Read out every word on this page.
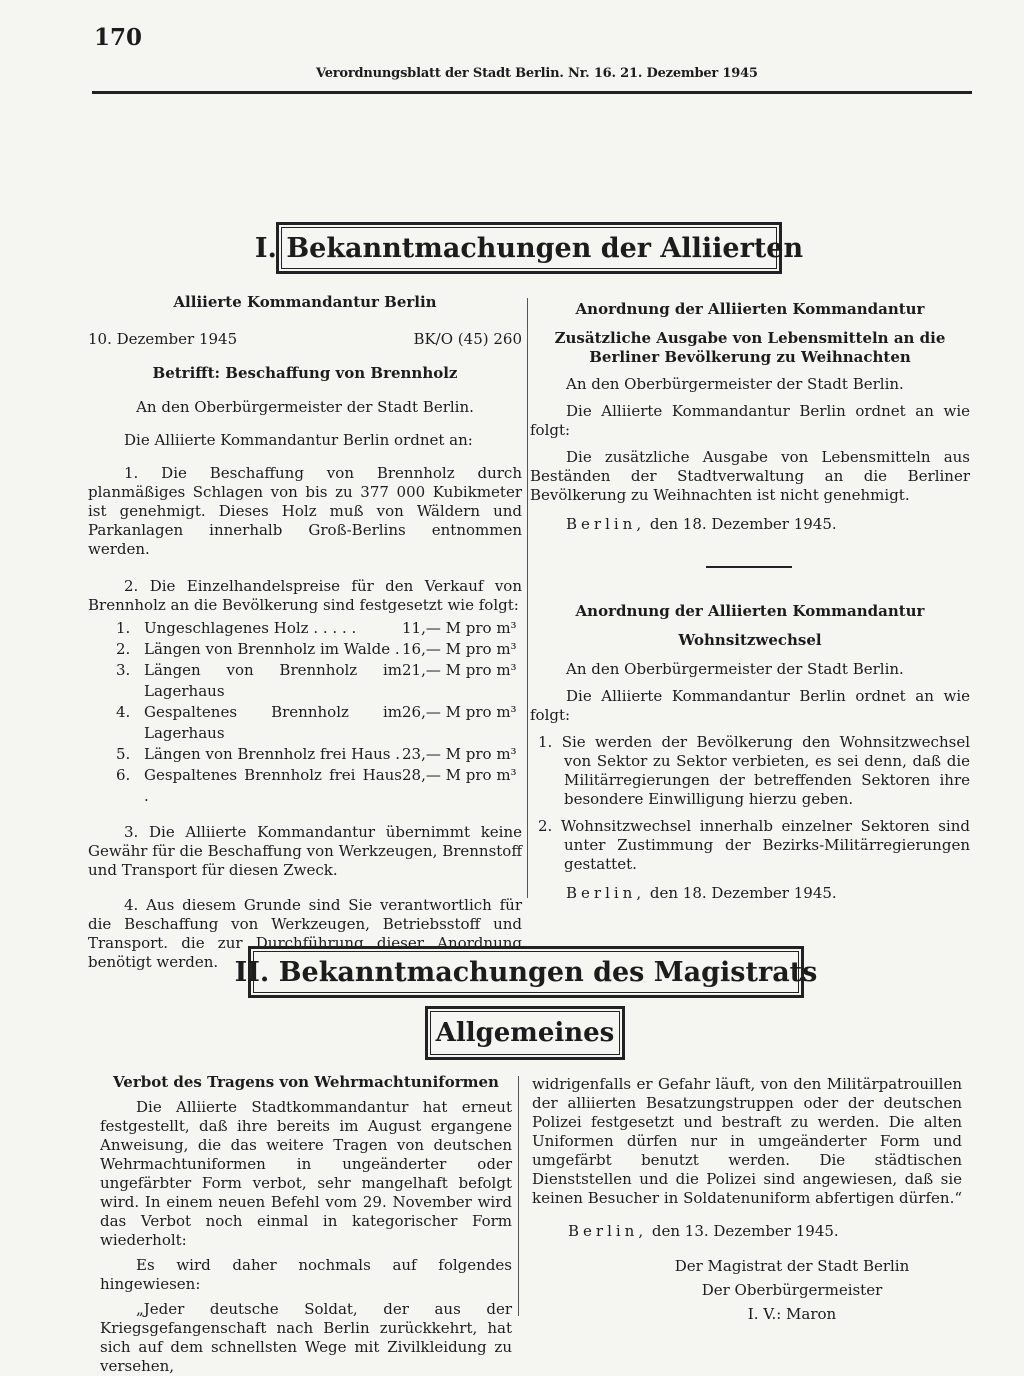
170
Verordnungsblatt der Stadt Berlin. Nr. 16. 21. Dezember 1945
I. Bekanntmachungen der Alliierten

Alliierte Kommandantur Berlin

10. Dezember 1945	BK/O (45) 260

Betrifft: Beschaffung von Brennholz

An den Oberbürgermeister der Stadt Berlin.

Die Alliierte Kommandantur Berlin ordnet an:

1. Die Beschaffung von Brennholz durch planmäßiges Schlagen von bis zu 377 000 Kubikmeter ist genehmigt. Dieses Holz muß von Wäldern und Parkanlagen innerhalb Groß-Berlins entnommen werden.

2. Die Einzelhandelspreise für den Verkauf von Brennholz an die Bevölkerung sind festgesetzt wie folgt:

1. Ungeschlagenes Holz . . . . .	11,— M pro m³
2. Längen von Brennholz im Walde . 16,— M pro m³
3. Längen von Brennholz im Lagerhaus
21,— M pro m³
4. Gespaltenes Brennholz im Lagerhaus
26,— M pro m³
5. Längen von Brennholz frei Haus . 23,— M pro m³
6. Gespaltenes Brennholz frei Haus .
28,— M pro m³

3. Die Alliierte Kommandantur übernimmt keine Gewähr für die Beschaffung von Werkzeugen, Brennstoff und Transport für diesen Zweck.

4. Aus diesem Grunde sind Sie verantwortlich für die Beschaffung von Werkzeugen, Betriebsstoff und Transport. die zur Durchführung dieser Anordnung benötigt werden.

Anordnung der Alliierten Kommandantur

Zusätzliche Ausgabe von Lebensmitteln an die Berliner Bevölkerung zu Weihnachten

An den Oberbürgermeister der Stadt Berlin.

Die Alliierte Kommandantur Berlin ordnet an wie folgt:

Die zusätzliche Ausgabe von Lebensmitteln aus Beständen der Stadtverwaltung an die Berliner Bevölkerung zu Weihnachten ist nicht genehmigt.

Berlin, den 18. Dezember 1945.

Anordnung der Alliierten Kommandantur

Wohnsitzwechsel

An den Oberbürgermeister der Stadt Berlin.

Die Alliierte Kommandantur Berlin ordnet an wie folgt:

1. Sie werden der Bevölkerung den Wohnsitzwechsel von Sektor zu Sektor verbieten, es sei denn, daß die Militärregierungen der betreffenden Sektoren ihre besondere Einwilligung hierzu geben.

2. Wohnsitzwechsel innerhalb einzelner Sektoren sind unter Zustimmung der Bezirks-Militärregierungen gestattet.

Berlin, den 18. Dezember 1945.

II. Bekanntmachungen des Magistrats
Allgemeines

Verbot des Tragens von Wehrmachtuniformen

Die Alliierte Stadtkommandantur hat erneut festgestellt, daß ihre bereits im August ergangene Anweisung, die das weitere Tragen von deutschen Wehrmachtuniformen in ungeänderter oder ungefärbter Form verbot, sehr mangelhaft befolgt wird. In einem neuen Befehl vom 29. November wird das Verbot noch einmal in kategorischer Form wiederholt:

Es wird daher nochmals auf folgendes hingewiesen:

„Jeder deutsche Soldat, der aus der Kriegsgefangenschaft nach Berlin zurückkehrt, hat sich auf dem schnellsten Wege mit Zivilkleidung zu versehen,

widrigenfalls er Gefahr läuft, von den Militärpatrouillen der alliierten Besatzungstruppen oder der deutschen Polizei festgesetzt und bestraft zu werden. Die alten Uniformen dürfen nur in umgeänderter Form und umgefärbt benutzt werden. Die städtischen Dienststellen und die Polizei sind angewiesen, daß sie keinen Besucher in Soldatenuniform abfertigen dürfen.“

Berlin, den 13. Dezember 1945.

Der Magistrat der Stadt Berlin

Der Oberbürgermeister

I. V.: Maron
